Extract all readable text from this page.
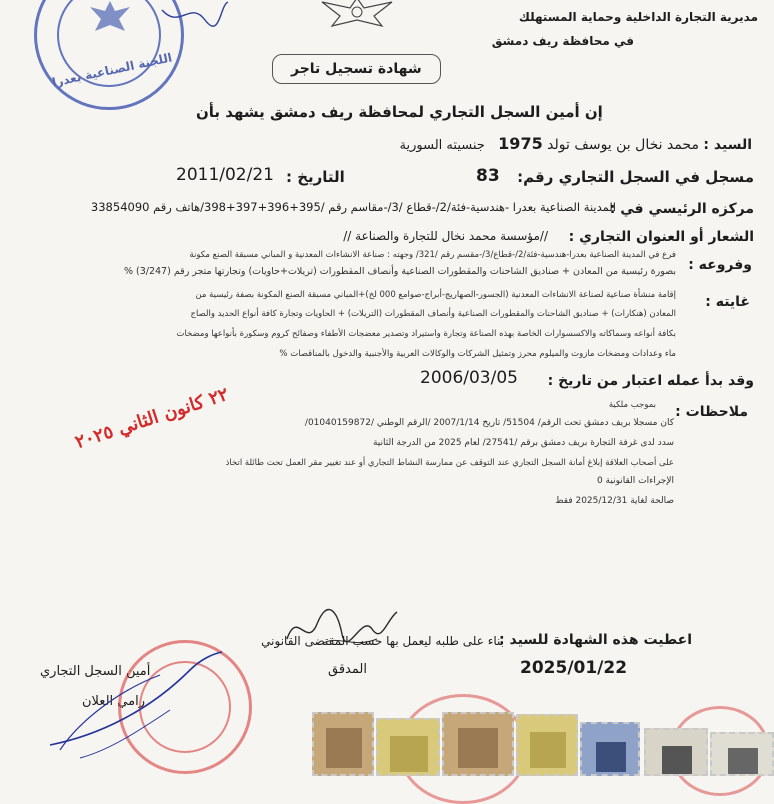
اللجنة الصناعية بعدرا
مديرية التجارة الداخلية وحماية المستهلك
في محافظة ريف دمشق
شهادة تسجيل تاجر
إن أمين السجل التجاري لمحافظة ريف دمشق يشهد بأن
السيد : محمد نخال بن يوسف تولد 1975   جنسيته السورية
مسجل في السجل التجاري رقم:
83
التاريخ :
2011/02/21
مركزه الرئيسي في :
المدينة الصناعية بعدرا -هندسية-فئة/2/-قطاع /3/-مقاسم رقم /395+396+397+398/هاتف رقم 33854090
الشعار أو العنوان التجاري :
//مؤسسة محمد نخال للتجارة والصناعة //
وفروعه :
فرع في المدينة الصناعية بعدرا-هندسية-فئة/2/-قطاع/3/-مقسم رقم /321/ وجهته : صناعة الانشاءات المعدنية و المباني مسبقة الصنع مكونة
بصورة رئيسية من المعادن + صناديق الشاحنات والمقطورات الصناعية وأنصاف المقطورات (تريلات+حاويات) وتجارتها متجر رقم (3/247) %
غايته :
إقامة منشأة صناعية لصناعة الانشاءات المعدنية (الجسور-الصهاريج-أبراج-صوامع 000 لخ)+المباني مسبقة الصنع المكونة بصفة رئيسية من
المعادن (هنكارات) + صناديق الشاحنات والمقطورات الصناعية وأنصاف المقطورات (التريلات) + الحاويات وتجارة كافة أنواع الحديد والصاج
بكافة أنواعه وسماكاته والاكسسوارات الخاصة بهذه الصناعة وتجارة واستيراد وتصدير معضجات الأطفاء وصفائح كروم وسكورة بأنواعها ومضخات
ماء وعدادات ومضخات مازوت والميلوم محرز وتمثيل الشركات والوكالات العربية والأجنبية والدخول بالمناقصات %
وقد بدأ عمله اعتبار من تاريخ :
2006/03/05
ملاحظات :
بموجب ملكية
كان مسجلا بريف دمشق تحت الرقم/ 51504/ تاريخ 2007/1/14 /الرقم الوطني /01040159872/
سدد لدى غرفة التجارة بريف دمشق برقم /27541/ لعام 2025 من الدرجة الثانية
على أصحاب العلاقة إبلاغ أمانة السجل التجاري عند التوقف عن ممارسة النشاط التجاري أو عند تغيير مقر العمل تحت طائلة اتخاذ
الإجراءات القانونية 0
صالحة لغاية 2025/12/31 فقط
٢٢ كانون الثاني ٢٠٢٥
اعطيت هذه الشهادة للسيد :
بناء على طلبه ليعمل بها حسب المقتضى القانوني
2025/01/22
المدقق
أمين السجل التجاري
رامي العلان
